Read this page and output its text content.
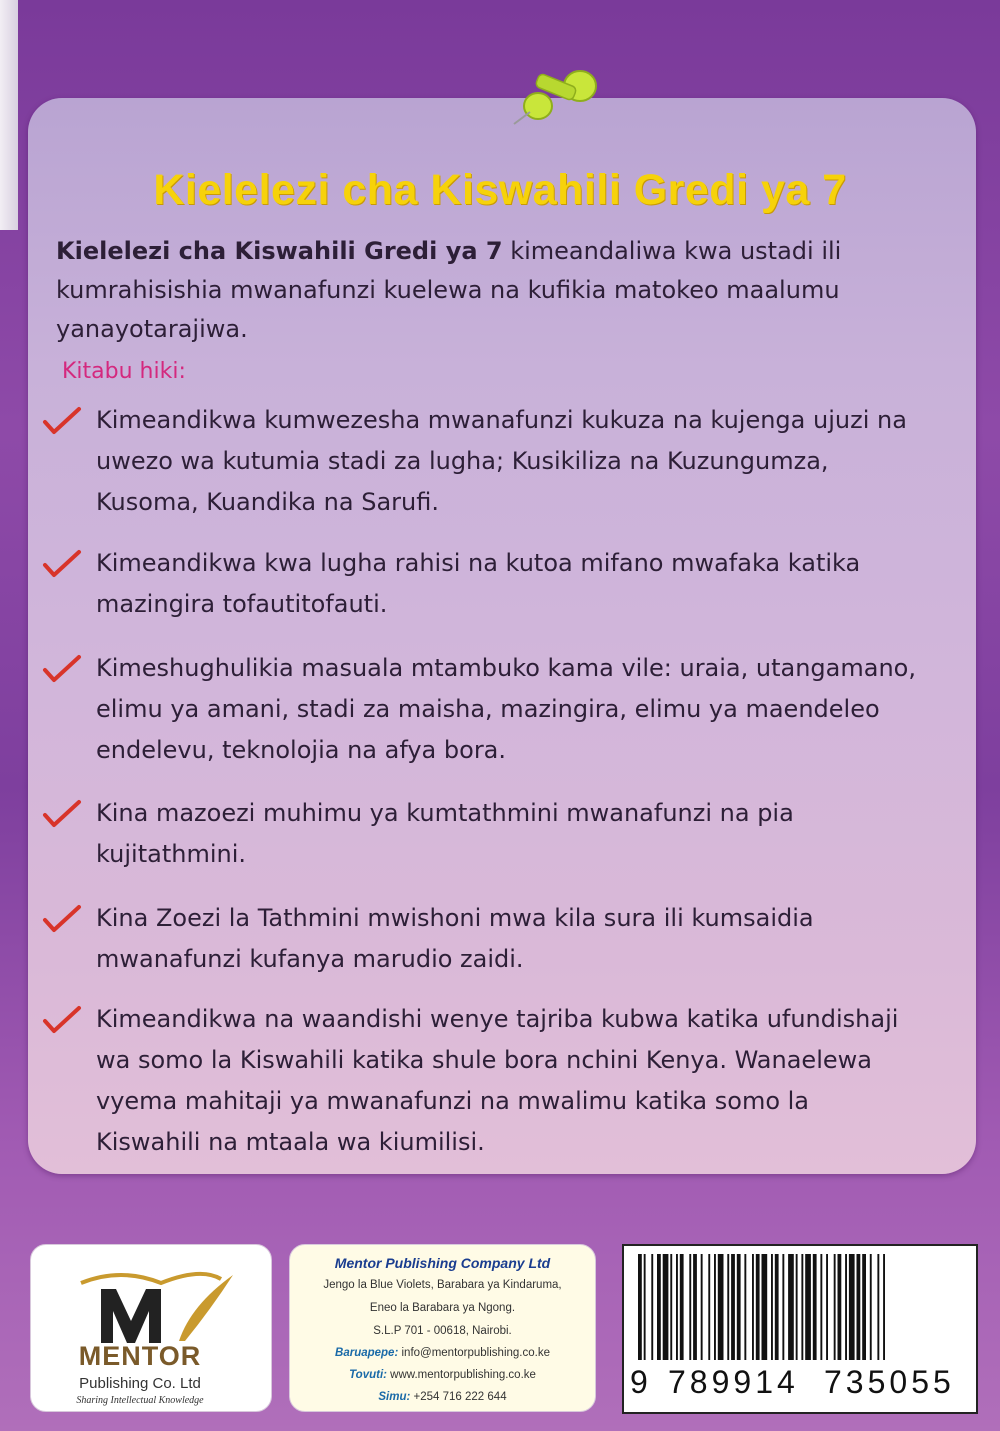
Kielelezi cha Kiswahili Gredi ya 7
Kielelezi cha Kiswahili Gredi ya 7 kimeandaliwa kwa ustadi ili
kumrahisishia mwanafunzi kuelewa na kufikia matokeo maalumu
yanayotarajiwa.
Kitabu hiki:
Kimeandikwa kumwezesha mwanafunzi kukuza na kujenga ujuzi na
uwezo wa kutumia stadi za lugha; Kusikiliza na Kuzungumza,
Kusoma, Kuandika na Sarufi.
Kimeandikwa kwa lugha rahisi na kutoa mifano mwafaka katika
mazingira tofautitofauti.
Kimeshughulikia masuala mtambuko kama vile: uraia, utangamano,
elimu ya amani, stadi za maisha, mazingira, elimu ya maendeleo
endelevu, teknolojia na afya bora.
Kina mazoezi muhimu ya kumtathmini mwanafunzi na pia
kujitathmini.
Kina Zoezi la Tathmini mwishoni mwa kila sura ili kumsaidia
mwanafunzi kufanya marudio zaidi.
Kimeandikwa na waandishi wenye tajriba kubwa katika ufundishaji
wa somo la Kiswahili katika shule bora nchini Kenya. Wanaelewa
vyema mahitaji ya mwanafunzi na mwalimu katika somo la
Kiswahili na mtaala wa kiumilisi.
MENTOR
Publishing Co. Ltd
Sharing Intellectual Knowledge
Mentor Publishing Company Ltd
Jengo la Blue Violets, Barabara ya Kindaruma,
Eneo la Barabara ya Ngong.
S.L.P 701 - 00618, Nairobi.
Baruapepe: info@mentorpublishing.co.ke
Tovuti: www.mentorpublishing.co.ke
Simu: +254 716 222 644	9 789914 735055
